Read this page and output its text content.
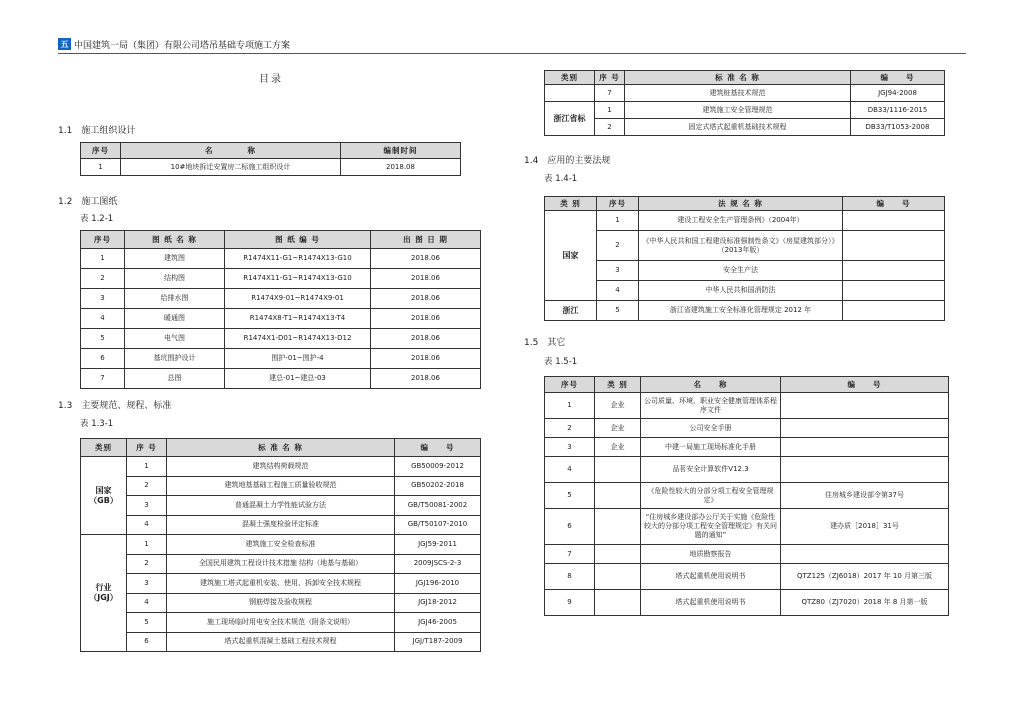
五 中国建筑一局（集团）有限公司塔吊基础专项施工方案
目录
1.1　施工组织设计
序号	名　　　　称	编制时间
1	10#地块拆迁安置房二标施工组织设计	2018.08
1.2　施工图纸
表 1.2-1
序号	图 纸 名 称	图 纸 编 号	出 图 日 期
1	建筑图	R1474X11-G1~R1474X13-G10	2018.06
2	结构图	R1474X11-G1~R1474X13-G10	2018.06
3	给排水图	R1474X9-01~R1474X9-01	2018.06
4	暖通图	R1474X8-T1~R1474X13-T4	2018.06
5	电气图	R1474X1-D01~R1474X13-D12	2018.06
6	基坑围护设计	围护-01~围护-4	2018.06
7	总图	建总-01~建总-03	2018.06
1.3　主要规范、规程、标准
表 1.3-1
类别	序 号	标 准 名 称	编　　号
国家
（GB）	1	建筑结构荷载规范	GB50009-2012
	2	建筑地基基础工程施工质量验收规范	GB50202-2018
	3	普通混凝土力学性能试验方法	GB/T50081-2002
	4	混凝土强度检验评定标准	GB/T50107-2010
行业
（JGJ）	1	建筑施工安全检查标准	JGJ59-2011
	2	全国民用建筑工程设计技术措施 结构（地基与基础）	2009JSCS-2-3
	3	建筑施工塔式起重机安装、使用、拆卸安全技术规程	JGJ196-2010
	4	钢筋焊接及验收规程	JGJ18-2012
	5	施工现场临时用电安全技术规范（附条文说明）	JGJ46-2005
	6	塔式起重机混凝土基础工程技术规程	JGJ/T187-2009
类别	序 号	标 准 名 称	编　　号
	7	建筑桩基技术规范	JGJ94-2008
浙江省标	1	建筑施工安全管理规范	DB33/1116-2015
	2	固定式塔式起重机基础技术规程	DB33/T1053-2008
1.4　应用的主要法规
表 1.4-1
类 别	序号	法 规 名 称	编　　号
国家	1	建设工程安全生产管理条例》（2004年）	
	2	《中华人民共和国工程建设标准强制性条文》（房屋建筑部分）》（2013年版）	
	3	安全生产法	
	4	中华人民共和国消防法	
浙江	5	浙江省建筑施工安全标准化管理规定 2012 年	
1.5　其它
表 1.5-1
序号	类 别	名　　称	编　　号
1	企业	公司质量、环境、职业安全健康管理体系程序文件	
2	企业	公司安全手册	
3	企业	中建一局施工现场标准化手册	
4		品茗安全计算软件V12.3	
5		《危险性较大的分部分项工程安全管理规定》	住房城乡建设部令第37号
6		“住房城乡建设部办公厅关于实施《危险性较大的分部分项工程安全管理规定》有关问题的通知”	建办质［2018］31号
7		地质勘察报告	
8		塔式起重机使用说明书	QTZ125（ZJ6018）2017 年 10 月第三版
9		塔式起重机使用说明书	QTZ80（ZJ7020）2018 年 8 月第一版
